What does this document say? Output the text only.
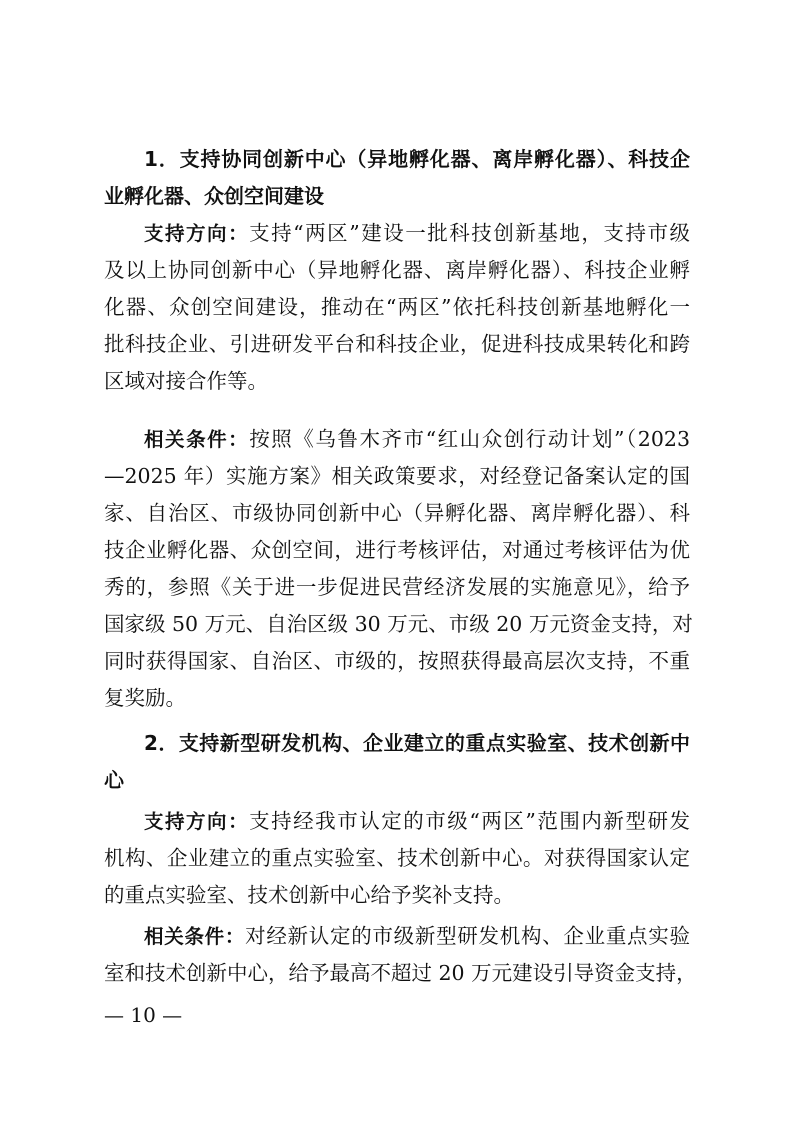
1．支持协同创新中心（异地孵化器、离岸孵化器）、科技企
业孵化器、众创空间建设
支持方向：支持“两区”建设一批科技创新基地，支持市级
及以上协同创新中心（异地孵化器、离岸孵化器）、科技企业孵
化器、众创空间建设，推动在“两区”依托科技创新基地孵化一
批科技企业、引进研发平台和科技企业，促进科技成果转化和跨
区域对接合作等。
相关条件：按照《乌鲁木齐市“红山众创行动计划”（2023
—2025 年）实施方案》相关政策要求，对经登记备案认定的国
家、自治区、市级协同创新中心（异孵化器、离岸孵化器）、科
技企业孵化器、众创空间，进行考核评估，对通过考核评估为优
秀的，参照《关于进一步促进民营经济发展的实施意见》，给予
国家级 50 万元、自治区级 30 万元、市级 20 万元资金支持，对
同时获得国家、自治区、市级的，按照获得最高层次支持，不重
复奖励。
2．支持新型研发机构、企业建立的重点实验室、技术创新中
心
支持方向：支持经我市认定的市级“两区”范围内新型研发
机构、企业建立的重点实验室、技术创新中心。对获得国家认定
的重点实验室、技术创新中心给予奖补支持。
相关条件：对经新认定的市级新型研发机构、企业重点实验
室和技术创新中心，给予最高不超过 20 万元建设引导资金支持，
— 10 —
